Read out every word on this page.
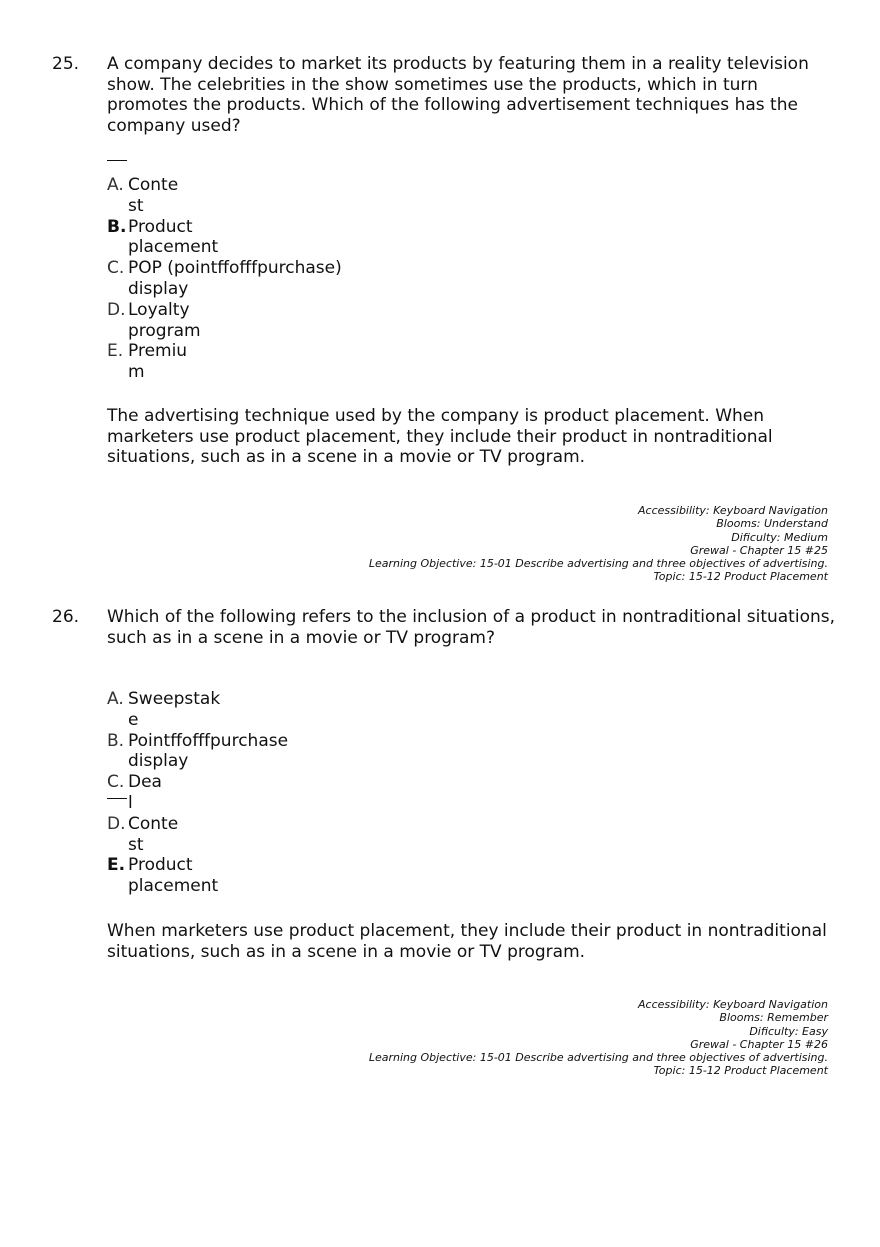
25. A company decides to market its products by featuring them in a reality television show. The celebrities in the show sometimes use the products, which in turn promotes the products. Which of the following advertisement techniques has the company used?

A. Conte
st
B. Product
placement
C. POP (pointffofffpurchase)
display
D. Loyalty
program
E. Premiu
m

The advertising technique used by the company is product placement. When marketers use product placement, they include their product in nontraditional situations, such as in a scene in a movie or TV program.

Accessibility: Keyboard Navigation
Blooms: Understand
Diﬁculty: Medium
Grewal - Chapter 15 #25
Learning Objective: 15-01 Describe advertising and three objectives of advertising.
Topic: 15-12 Product Placement
26. Which of the following refers to the inclusion of a product in nontraditional situations, such as in a scene in a movie or TV program?

A. Sweepstak
e
B. Pointffofffpurchase
display
C. Dea
l
D. Conte
st
E. Product
placement

When marketers use product placement, they include their product in nontraditional situations, such as in a scene in a movie or TV program.

Accessibility: Keyboard Navigation
Blooms: Remember
Diﬁculty: Easy
Grewal - Chapter 15 #26
Learning Objective: 15-01 Describe advertising and three objectives of advertising.
Topic: 15-12 Product Placement
